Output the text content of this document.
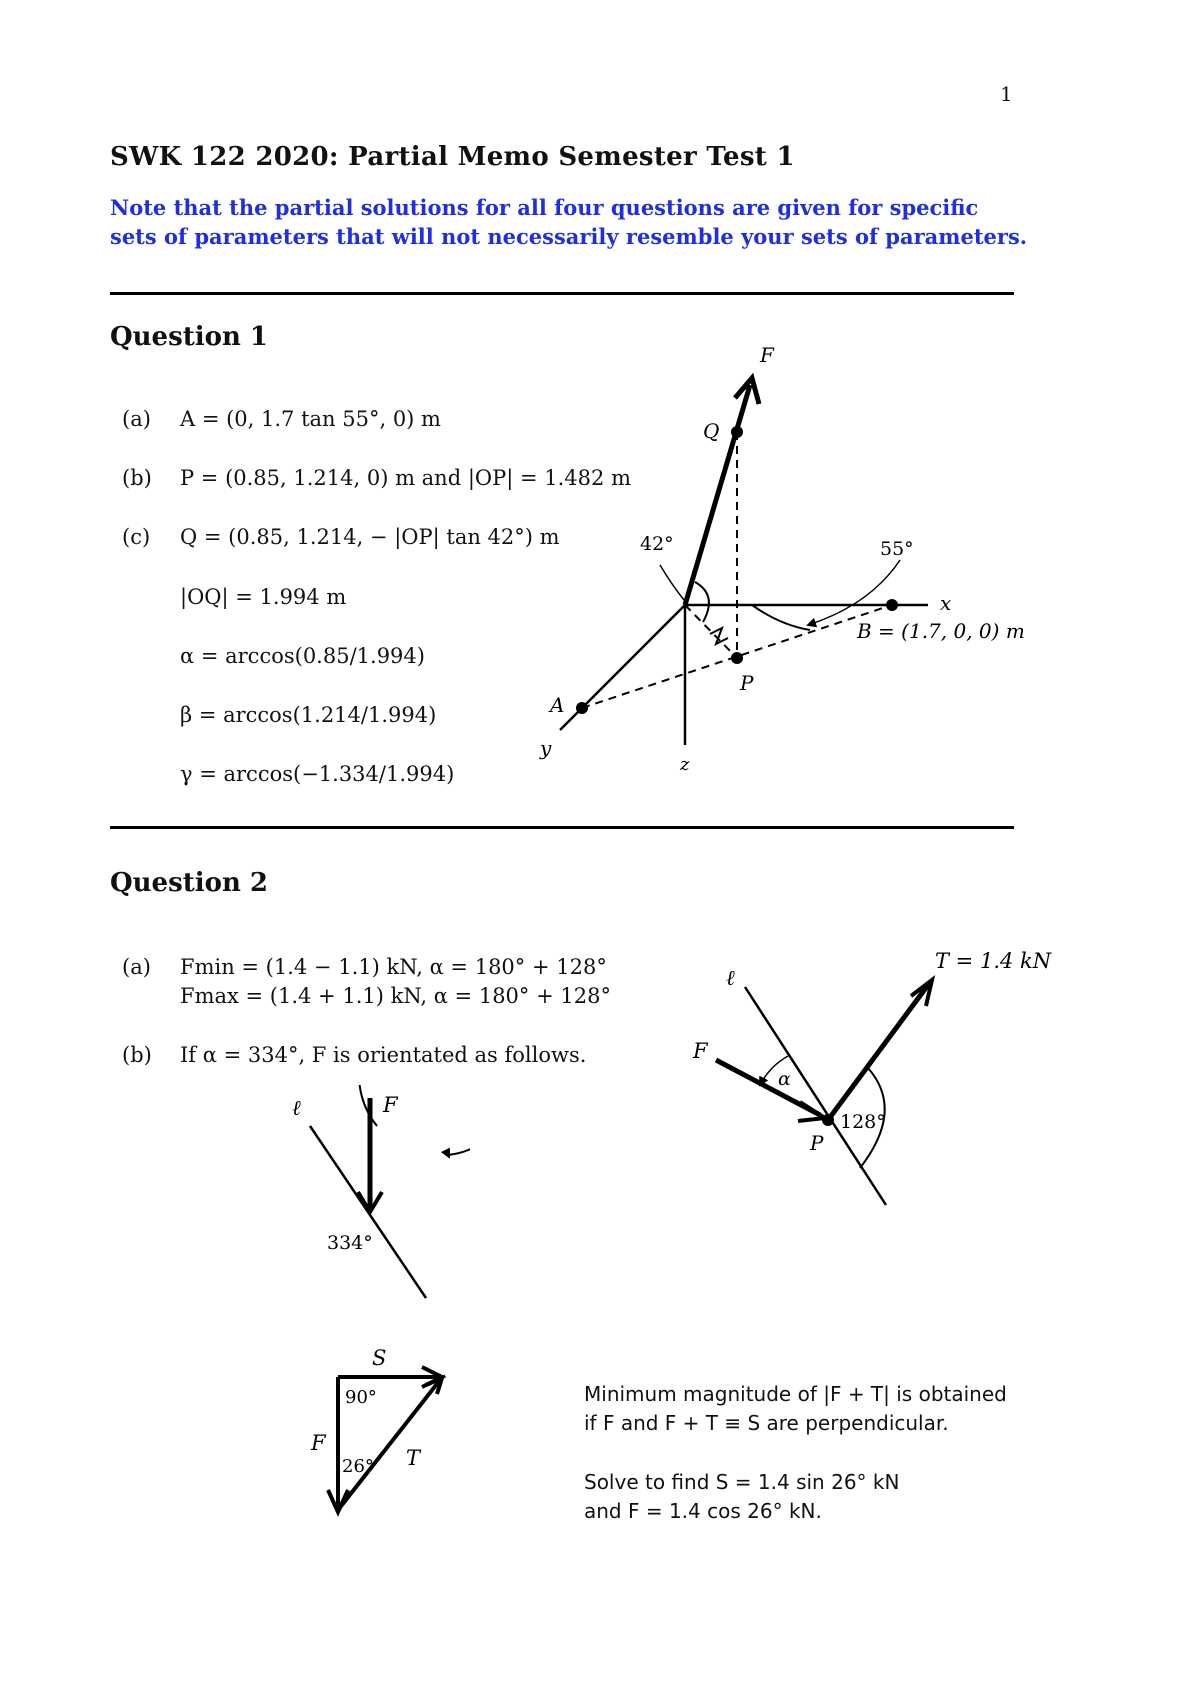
1
SWK 122 2020: Partial Memo Semester Test 1
Note that the partial solutions for all four questions are given for specific
sets of parameters that will not necessarily resemble your sets of parameters.
Question 1
(a) A = (0, 1.7 tan 55°, 0) m
(b) P = (0.85, 1.214, 0) m and |OP| = 1.482 m
(c) Q = (0.85, 1.214, − |OP| tan 42°) m
|OQ| = 1.994 m
α = arccos(0.85/1.994)
β = arccos(1.214/1.994)
γ = arccos(−1.334/1.994)
F
Q
42°	55°
x
B = (1.7, 0, 0) m
P
A
y
z
Question 2
(a) Fmin = (1.4 − 1.1) kN, α = 180° + 128°
Fmax = (1.4 + 1.1) kN, α = 180° + 128°
(b) If α = 334°, F is orientated as follows.
T = 1.4 kN
ℓ
F
α
128°
P
ℓ	F
334°
S
90°
F
26° T
Minimum magnitude of |F + T| is obtained
if F and F + T ≡ S are perpendicular.
Solve to find S = 1.4 sin 26° kN
and F = 1.4 cos 26° kN.
